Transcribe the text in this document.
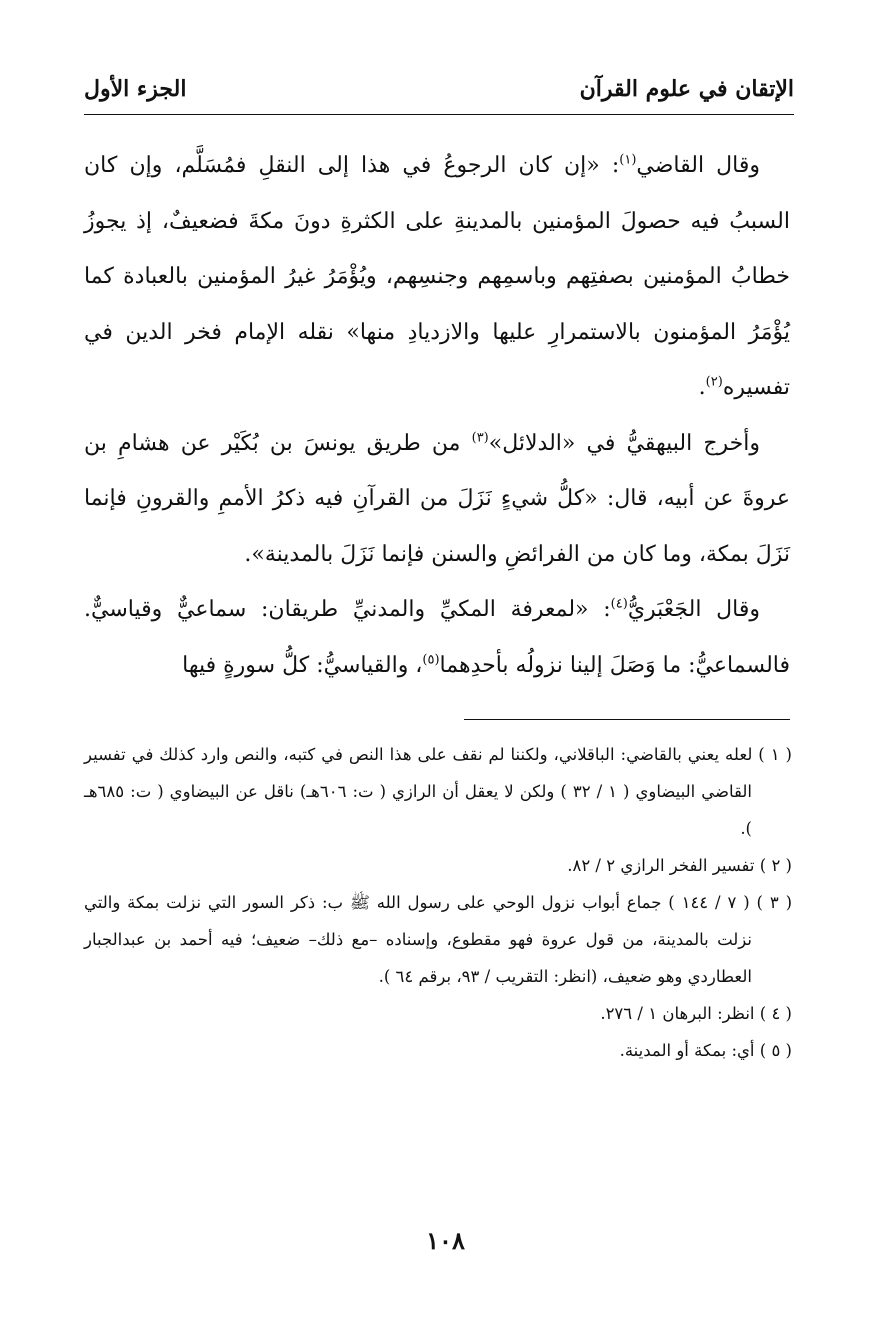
الجزء الأول	الإتقان في علوم القرآن

وقال القاضي$^{(١)}$: «إن كان الرجوعُ في هذا إلى النقلِ فمُسَلَّم، وإن كان السببُ فيه حصولَ المؤمنين بالمدينةِ على الكثرةِ دونَ مكةَ فضعيفٌ، إذ يجوزُ خطابُ المؤمنين بصفتِهم وباسمِهم وجنسِهم، ويُؤْمَرُ غيرُ المؤمنين بالعبادة كما يُؤْمَرُ المؤمنون بالاستمرارِ عليها والازديادِ منها» نقله الإمام فخر الدين في تفسيره$^{(٢)}$.

وأخرج البيهقيُّ في «الدلائل»$^{(٣)}$ من طريق يونسَ بن بُكَيْر عن هشامِ بن عروةَ عن أبيه، قال: «كلُّ شيءٍ نَزَلَ من القرآنِ فيه ذكرُ الأممِ والقرونِ فإنما نَزَلَ بمكة، وما كان من الفرائضِ والسنن فإنما نَزَلَ بالمدينة».

وقال الجَعْبَريُّ$^{(٤)}$: «لمعرفة المكيِّ والمدنيِّ طريقان: سماعيٌّ وقياسيٌّ. فالسماعيُّ: ما وَصَلَ إلينا نزولُه بأحدِهما$^{(٥)}$، والقياسيُّ: كلُّ سورةٍ فيها

( ١ ) لعله يعني بالقاضي: الباقلاني، ولكننا لم نقف على هذا النص في كتبه، والنص وارد كذلك في تفسير القاضي البيضاوي ( ١ / ٣٢ ) ولكن لا يعقل أن الرازي ( ت: ٦٠٦هـ) ناقل عن البيضاوي ( ت: ٦٨٥هـ ).

( ٢ ) تفسير الفخر الرازي ٢ / ٨٢.

( ٣ ) ( ٧ / ١٤٤ ) جماع أبواب نزول الوحي على رسول الله ﷺ ب: ذكر السور التي نزلت بمكة والتي نزلت بالمدينة، من قول عروة فهو مقطوع، وإسناده –مع ذلك– ضعيف؛ فيه أحمد بن عبدالجبار العطاردي وهو ضعيف، (انظر: التقريب / ٩٣، برقم ٦٤ ).

( ٤ ) انظر: البرهان ١ / ٢٧٦.

( ٥ ) أي: بمكة أو المدينة.

١٠٨
